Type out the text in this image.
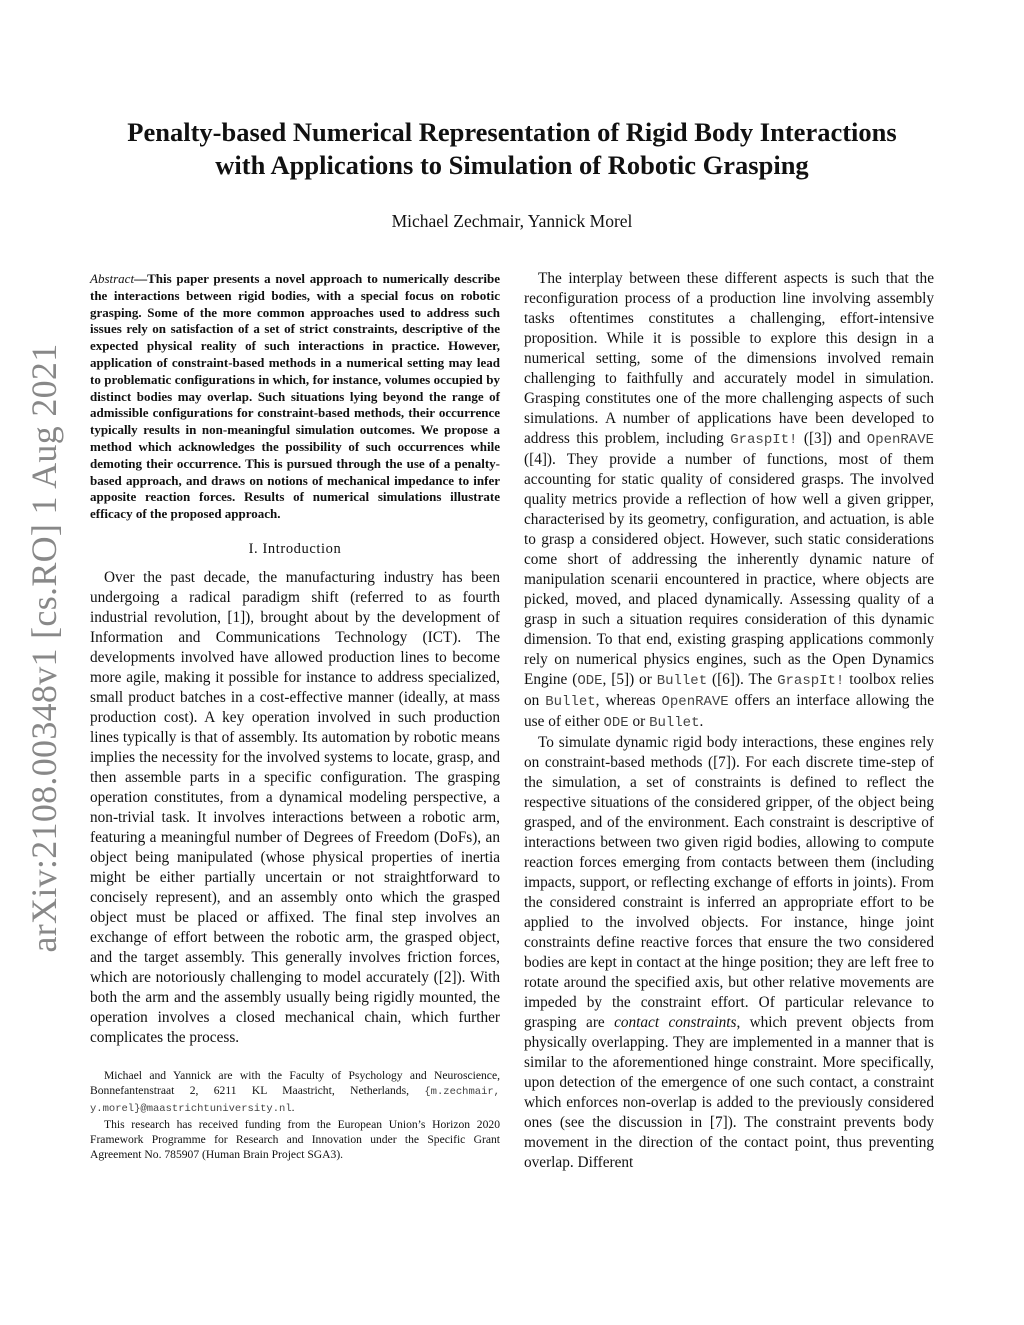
Penalty-based Numerical Representation of Rigid Body Interactions
with Applications to Simulation of Robotic Grasping
Michael Zechmair, Yannick Morel
arXiv:2108.00348v1 [cs.RO] 1 Aug 2021

Abstract—This paper presents a novel approach to numerically describe the interactions between rigid bodies, with a special focus on robotic grasping. Some of the more common approaches used to address such issues rely on satisfaction of a set of strict constraints, descriptive of the expected physical reality of such interactions in practice. However, application of constraint-based methods in a numerical setting may lead to problematic configurations in which, for instance, volumes occupied by distinct bodies may overlap. Such situations lying beyond the range of admissible configurations for constraint-based methods, their occurrence typically results in non-meaningful simulation outcomes. We propose a method which acknowledges the possibility of such occurrences while demoting their occurrence. This is pursued through the use of a penalty-based approach, and draws on notions of mechanical impedance to infer apposite reaction forces. Results of numerical simulations illustrate efficacy of the proposed approach.

I. Introduction

Over the past decade, the manufacturing industry has been undergoing a radical paradigm shift (referred to as fourth industrial revolution, [1]), brought about by the development of Information and Communications Technology (ICT). The developments involved have allowed production lines to become more agile, making it possible for instance to address specialized, small product batches in a cost-effective manner (ideally, at mass production cost). A key operation involved in such production lines typically is that of assembly. Its automation by robotic means implies the necessity for the involved systems to locate, grasp, and then assemble parts in a specific configuration. The grasping operation constitutes, from a dynamical modeling perspective, a non-trivial task. It involves interactions between a robotic arm, featuring a meaningful number of Degrees of Freedom (DoFs), an object being manipulated (whose physical properties of inertia might be either partially uncertain or not straightforward to concisely represent), and an assembly onto which the grasped object must be placed or affixed. The final step involves an exchange of effort between the robotic arm, the grasped object, and the target assembly. This generally involves friction forces, which are notoriously challenging to model accurately ([2]). With both the arm and the assembly usually being rigidly mounted, the operation involves a closed mechanical chain, which further complicates the process.

Michael and Yannick are with the Faculty of Psychology and Neuroscience, Bonnefantenstraat 2, 6211 KL Maastricht, Netherlands, {m.zechmair, y.morel}@maastrichtuniversity.nl.

This research has received funding from the European Union’s Horizon 2020 Framework Programme for Research and Innovation under the Specific Grant Agreement No. 785907 (Human Brain Project SGA3).

The interplay between these different aspects is such that the reconfiguration process of a production line involving assembly tasks oftentimes constitutes a challenging, effort-intensive proposition. While it is possible to explore this design in a numerical setting, some of the dimensions involved remain challenging to faithfully and accurately model in simulation. Grasping constitutes one of the more challenging aspects of such simulations. A number of applications have been developed to address this problem, including GraspIt! ([3]) and OpenRAVE ([4]). They provide a number of functions, most of them accounting for static quality of considered grasps. The involved quality metrics provide a reflection of how well a given gripper, characterised by its geometry, configuration, and actuation, is able to grasp a considered object. However, such static considerations come short of addressing the inherently dynamic nature of manipulation scenarii encountered in practice, where objects are picked, moved, and placed dynamically. Assessing quality of a grasp in such a situation requires consideration of this dynamic dimension. To that end, existing grasping applications commonly rely on numerical physics engines, such as the Open Dynamics Engine (ODE, [5]) or Bullet ([6]). The GraspIt! toolbox relies on Bullet, whereas OpenRAVE offers an interface allowing the use of either ODE or Bullet.

To simulate dynamic rigid body interactions, these engines rely on constraint-based methods ([7]). For each discrete time-step of the simulation, a set of constraints is defined to reflect the respective situations of the considered gripper, of the object being grasped, and of the environment. Each constraint is descriptive of interactions between two given rigid bodies, allowing to compute reaction forces emerging from contacts between them (including impacts, support, or reflecting exchange of efforts in joints). From the considered constraint is inferred an appropriate effort to be applied to the involved objects. For instance, hinge joint constraints define reactive forces that ensure the two considered bodies are kept in contact at the hinge position; they are left free to rotate around the specified axis, but other relative movements are impeded by the constraint effort. Of particular relevance to grasping are contact constraints, which prevent objects from physically overlapping. They are implemented in a manner that is similar to the aforementioned hinge constraint. More specifically, upon detection of the emergence of one such contact, a constraint which enforces non-overlap is added to the previously considered ones (see the discussion in [7]). The constraint prevents body movement in the direction of the contact point, thus preventing overlap. Different
